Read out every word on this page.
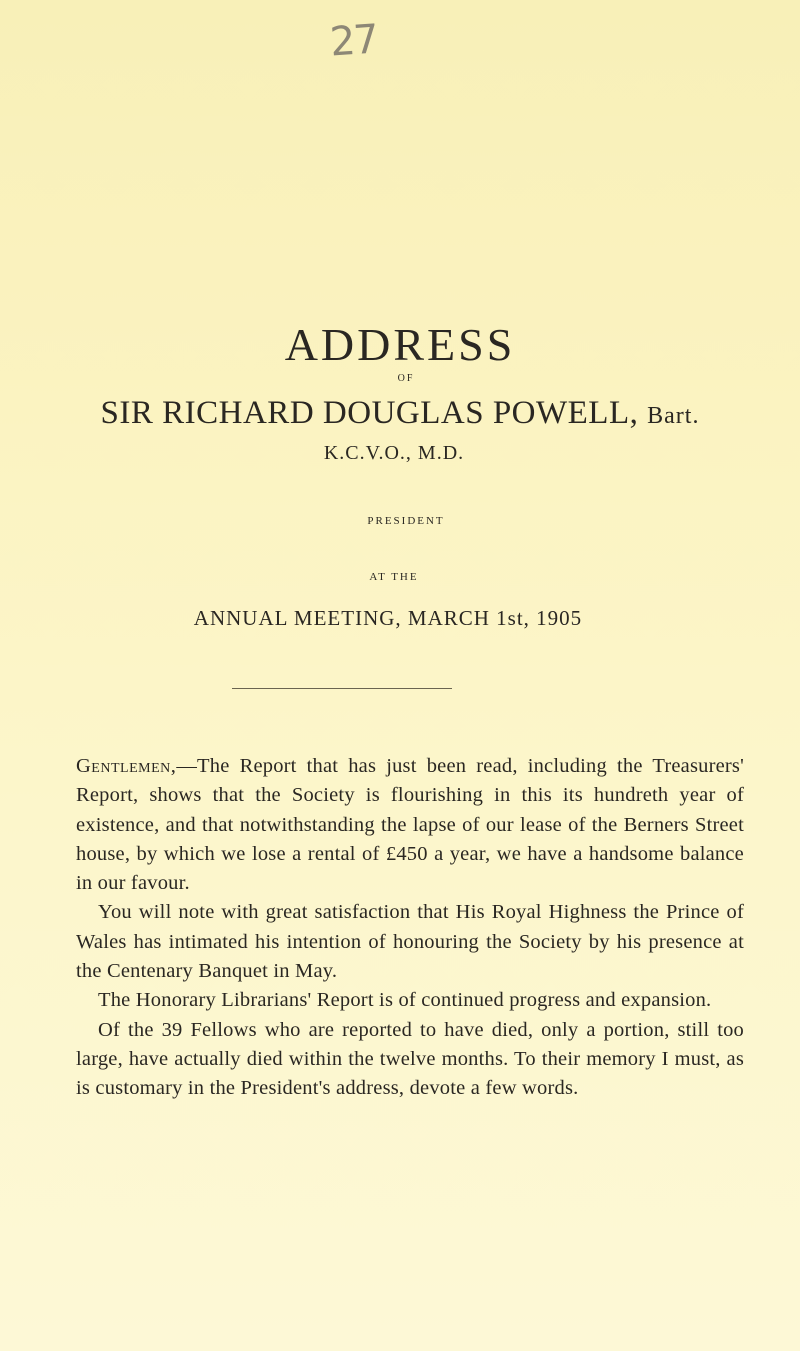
27
ADDRESS
OF
SIR RICHARD DOUGLAS POWELL, Bart.
K.C.V.O., M.D.
PRESIDENT
AT THE
ANNUAL MEETING, MARCH 1st, 1905

Gentlemen,—The Report that has just been read, including the Treasurers' Report, shows that the Society is flourishing in this its hundreth year of existence, and that notwithstanding the lapse of our lease of the Berners Street house, by which we lose a rental of £450 a year, we have a handsome balance in our favour.

You will note with great satisfaction that His Royal Highness the Prince of Wales has intimated his intention of honouring the Society by his presence at the Centenary Banquet in May.

The Honorary Librarians' Report is of continued progress and expansion.

Of the 39 Fellows who are reported to have died, only a portion, still too large, have actually died within the twelve months. To their memory I must, as is customary in the President's address, devote a few words.
